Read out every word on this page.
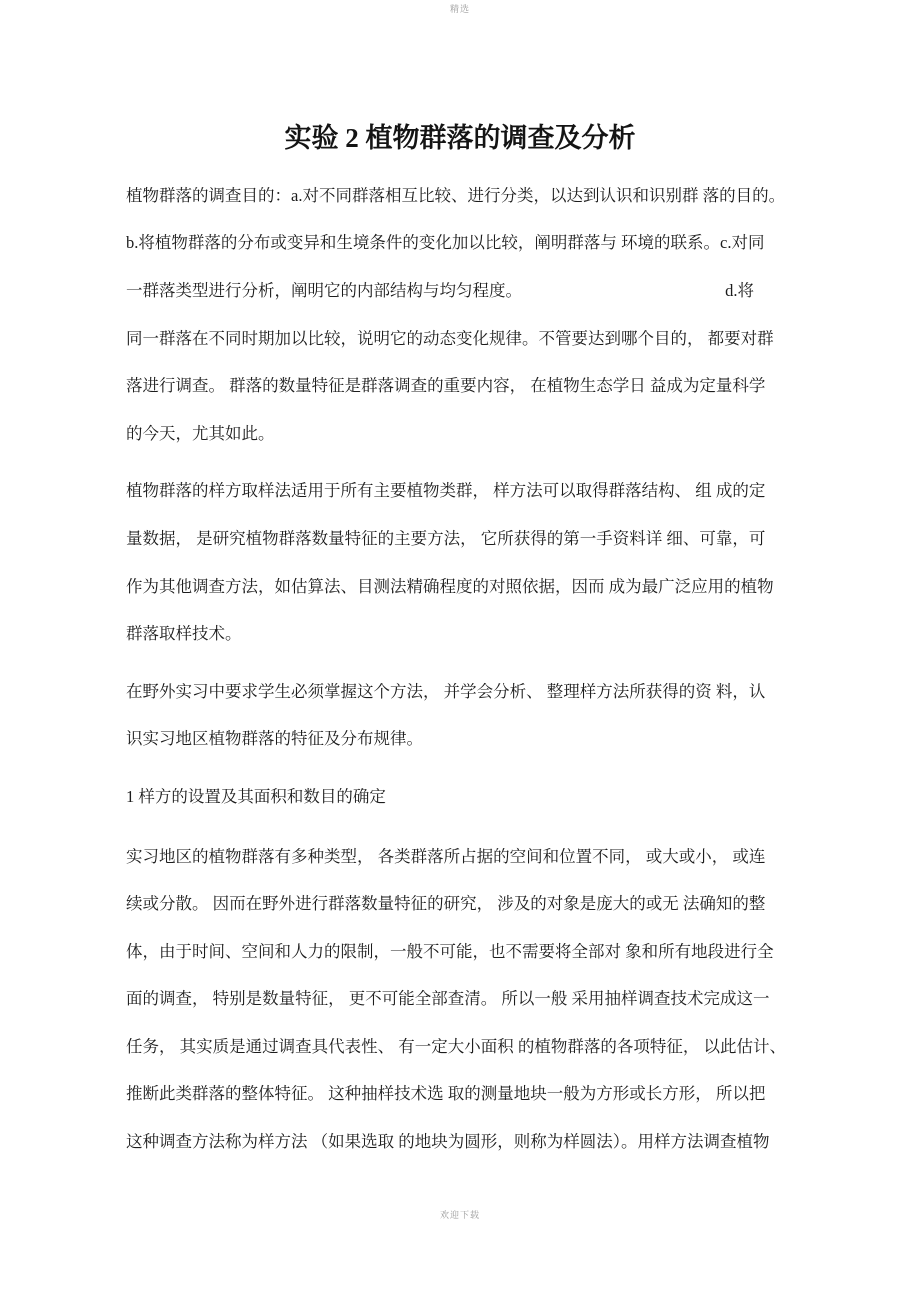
精选
实验 2 植物群落的调查及分析
植物群落的调查目的：a.对不同群落相互比较、进行分类，以达到认识和识别群 落的目的。
b.将植物群落的分布或变异和生境条件的变化加以比较，阐明群落与 环境的联系。c.对同
一群落类型进行分析，阐明它的内部结构与均匀程度。	d.将
同一群落在不同时期加以比较，说明它的动态变化规律。不管要达到哪个目的， 都要对群
落进行调查。 群落的数量特征是群落调查的重要内容， 在植物生态学日 益成为定量科学
的今天，尤其如此。
植物群落的样方取样法适用于所有主要植物类群， 样方法可以取得群落结构、 组 成的定
量数据， 是研究植物群落数量特征的主要方法， 它所获得的第一手资料详 细、可靠，可
作为其他调查方法，如估算法、目测法精确程度的对照依据，因而 成为最广泛应用的植物
群落取样技术。
在野外实习中要求学生必须掌握这个方法， 并学会分析、 整理样方法所获得的资 料，认
识实习地区植物群落的特征及分布规律。
1 样方的设置及其面积和数目的确定
实习地区的植物群落有多种类型， 各类群落所占据的空间和位置不同， 或大或小， 或连
续或分散。 因而在野外进行群落数量特征的研究， 涉及的对象是庞大的或无 法确知的整
体，由于时间、空间和人力的限制，一般不可能，也不需要将全部对 象和所有地段进行全
面的调查， 特别是数量特征， 更不可能全部查清。 所以一般 采用抽样调查技术完成这一
任务， 其实质是通过调查具代表性、 有一定大小面积 的植物群落的各项特征， 以此估计、
推断此类群落的整体特征。 这种抽样技术选 取的测量地块一般为方形或长方形， 所以把
这种调查方法称为样方法 （如果选取 的地块为圆形，则称为样圆法）。用样方法调查植物
欢迎下载
